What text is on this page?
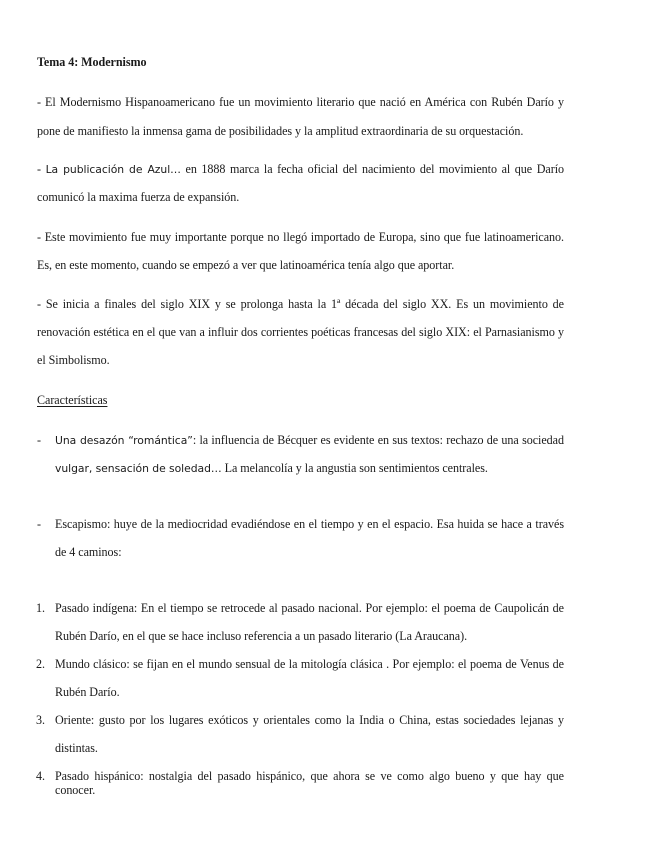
Tema 4: Modernismo
- El Modernismo Hispanoamericano fue un movimiento literario que nació en América con Rubén Darío y
pone de manifiesto la inmensa gama de posibilidades y la amplitud extraordinaria de su orquestación.
- La publicación de Azul… en 1888 marca la fecha oficial del nacimiento del movimiento al que Darío
comunicó la maxima fuerza de expansión.
- Este movimiento fue muy importante porque no llegó importado de Europa, sino que fue latinoamericano.
Es, en este momento, cuando se empezó a ver que latinoamérica tenía algo que aportar.
- Se inicia a finales del siglo XIX y se prolonga hasta la 1ª década del siglo XX. Es un movimiento de
renovación estética en el que van a influir dos corrientes poéticas francesas del siglo XIX: el Parnasianismo y
el Simbolismo.
Características
- Una desazón “romántica”: la influencia de Bécquer es evidente en sus textos: rechazo de una sociedad
vulgar, sensación de soledad… La melancolía y la angustia son sentimientos centrales.
- Escapismo: huye de la mediocridad evadiéndose en el tiempo y en el espacio. Esa huida se hace a través
de 4 caminos:
1. Pasado indígena: En el tiempo se retrocede al pasado nacional. Por ejemplo: el poema de Caupolicán de
Rubén Darío, en el que se hace incluso referencia a un pasado literario (La Araucana).
2. Mundo clásico: se fijan en el mundo sensual de la mitología clásica . Por ejemplo: el poema de Venus de
Rubén Darío.
3. Oriente: gusto por los lugares exóticos y orientales como la India o China, estas sociedades lejanas y
distintas.
4. Pasado hispánico: nostalgia del pasado hispánico, que ahora se ve como algo bueno y que hay que conocer.
